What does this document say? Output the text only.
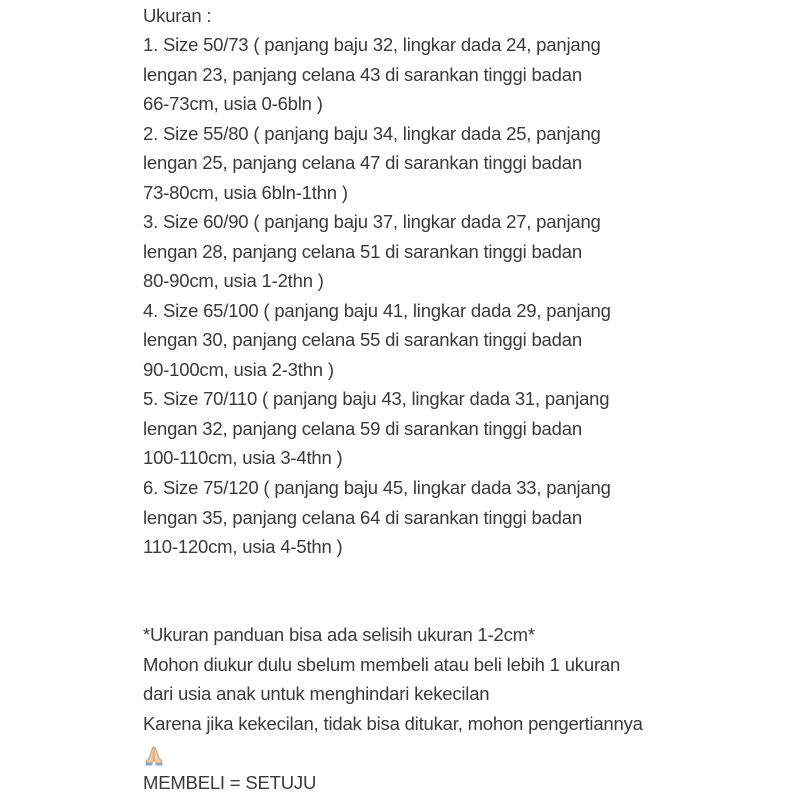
Ukuran :
1. Size 50/73 ( panjang baju 32, lingkar dada 24, panjang
lengan 23, panjang celana 43 di sarankan tinggi badan
66-73cm, usia 0-6bln )
2. Size 55/80 ( panjang baju 34, lingkar dada 25, panjang
lengan 25, panjang celana 47 di sarankan tinggi badan
73-80cm, usia 6bln-1thn )
3. Size 60/90 ( panjang baju 37, lingkar dada 27, panjang
lengan 28, panjang celana 51 di sarankan tinggi badan
80-90cm, usia 1-2thn )
4. Size 65/100 ( panjang baju 41, lingkar dada 29, panjang
lengan 30, panjang celana 55 di sarankan tinggi badan
90-100cm, usia 2-3thn )
5. Size 70/110 ( panjang baju 43, lingkar dada 31, panjang
lengan 32, panjang celana 59 di sarankan tinggi badan
100-110cm, usia 3-4thn )
6. Size 75/120 ( panjang baju 45, lingkar dada 33, panjang
lengan 35, panjang celana 64 di sarankan tinggi badan
110-120cm, usia 4-5thn )
*Ukuran panduan bisa ada selisih ukuran 1-2cm*
Mohon diukur dulu sbelum membeli atau beli lebih 1 ukuran
dari usia anak untuk menghindari kekecilan
Karena jika kekecilan, tidak bisa ditukar, mohon pengertiannya
MEMBELI = SETUJU
